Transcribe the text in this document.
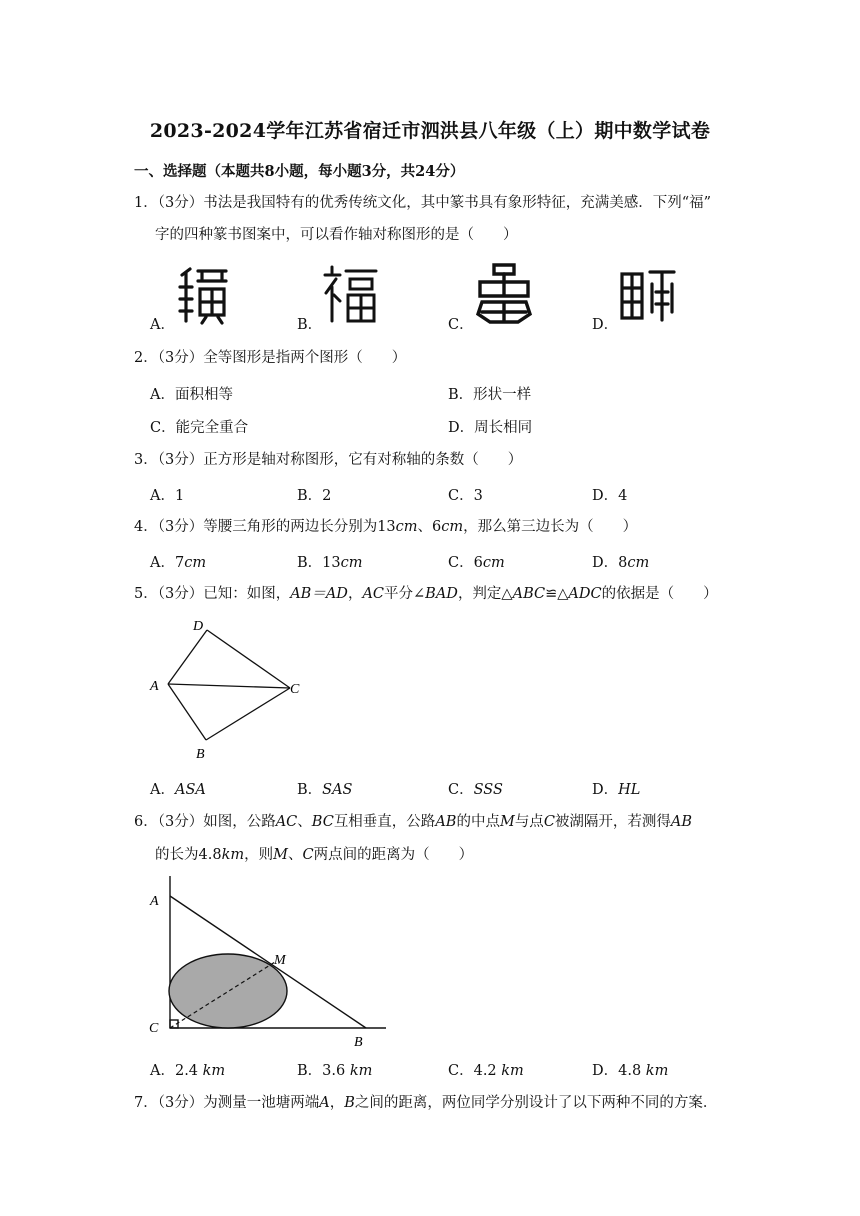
2023-2024学年江苏省宿迁市泗洪县八年级（上）期中数学试卷
一、选择题（本题共8小题，每小题3分，共24分）
1．（3分）书法是我国特有的优秀传统文化，其中篆书具有象形特征，充满美感．下列“福”
字的四种篆书图案中，可以看作轴对称图形的是（　　）
A．	B．	C．	D．
2．（3分）全等图形是指两个图形（　　）
A．面积相等	B．形状一样
C．能完全重合	D．周长相同
3．（3分）正方形是轴对称图形，它有对称轴的条数（　　）
A．1	B．2	C．3	D．4
4．（3分）等腰三角形的两边长分别为13cm、6cm，那么第三边长为（　　）
A．7cm	B．13cm	C．6cm	D．8cm
5．（3分）已知：如图，AB＝AD，AC平分∠BAD，判定△ABC≌△ADC的依据是（　　）
D
A	C
B
A．ASA	B．SAS	C．SSS	D．HL
6．（3分）如图，公路AC、BC互相垂直，公路AB的中点M与点C被湖隔开，若测得AB
的长为4.8km，则M、C两点间的距离为（　　）
A
M
C
B
A．2.4 km	B．3.6 km	C．4.2 km	D．4.8 km
7．（3分）为测量一池塘两端A，B之间的距离，两位同学分别设计了以下两种不同的方案．
